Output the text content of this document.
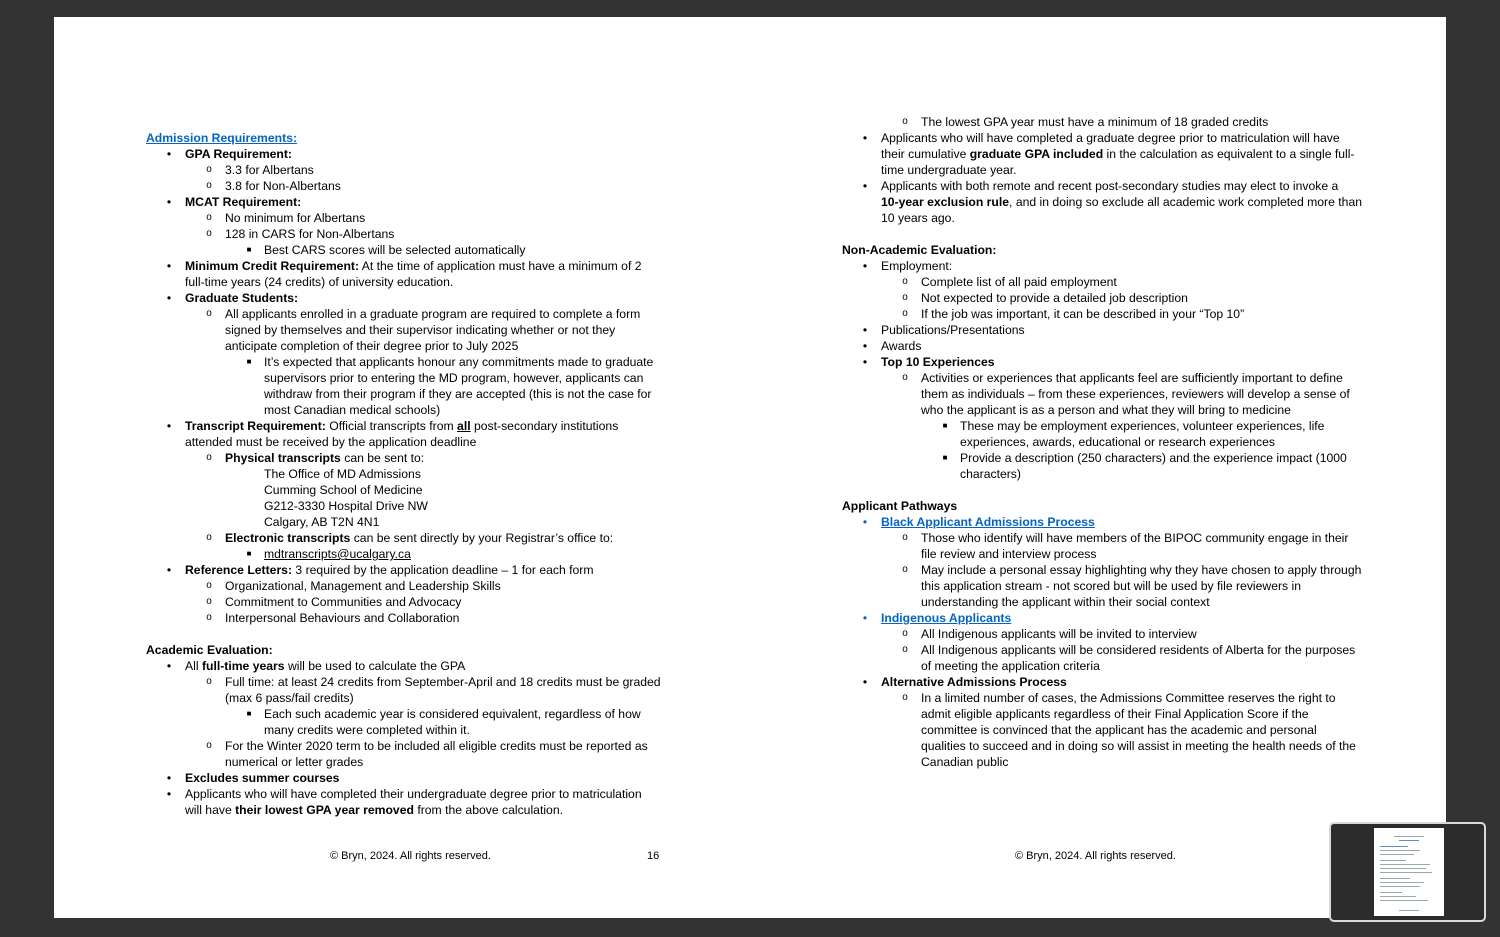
Admission Requirements:
•	GPA Requirement:
o	3.3 for Albertans
o	3.8 for Non-Albertans
•	MCAT Requirement:
o	No minimum for Albertans
o	128 in CARS for Non-Albertans
■	Best CARS scores will be selected automatically
•	Minimum Credit Requirement: At the time of application must have a minimum of 2
full-time years (24 credits) of university education.
•	Graduate Students:
o	All applicants enrolled in a graduate program are required to complete a form
signed by themselves and their supervisor indicating whether or not they
anticipate completion of their degree prior to July 2025
■	It’s expected that applicants honour any commitments made to graduate
supervisors prior to entering the MD program, however, applicants can
withdraw from their program if they are accepted (this is not the case for
most Canadian medical schools)
•	Transcript Requirement: Official transcripts from all post-secondary institutions
attended must be received by the application deadline
o	Physical transcripts can be sent to:
The Office of MD Admissions
Cumming School of Medicine
G212-3330 Hospital Drive NW
Calgary, AB T2N 4N1
o	Electronic transcripts can be sent directly by your Registrar’s office to:
■	mdtranscripts@ucalgary.ca
•	Reference Letters: 3 required by the application deadline – 1 for each form
o	Organizational, Management and Leadership Skills
o	Commitment to Communities and Advocacy
o	Interpersonal Behaviours and Collaboration
Academic Evaluation:
•	All full-time years will be used to calculate the GPA
o	Full time: at least 24 credits from September-April and 18 credits must be graded
(max 6 pass/fail credits)
■	Each such academic year is considered equivalent, regardless of how
many credits were completed within it.
o	For the Winter 2020 term to be included all eligible credits must be reported as
numerical or letter grades
•	Excludes summer courses
•	Applicants who will have completed their undergraduate degree prior to matriculation
will have their lowest GPA year removed from the above calculation.
o	The lowest GPA year must have a minimum of 18 graded credits
•	Applicants who will have completed a graduate degree prior to matriculation will have
their cumulative graduate GPA included in the calculation as equivalent to a single full-
time undergraduate year.
•	Applicants with both remote and recent post-secondary studies may elect to invoke a
10-year exclusion rule, and in doing so exclude all academic work completed more than
10 years ago.
Non-Academic Evaluation:
•	Employment:
o	Complete list of all paid employment
o	Not expected to provide a detailed job description
o	If the job was important, it can be described in your “Top 10”
•	Publications/Presentations
•	Awards
•	Top 10 Experiences
o	Activities or experiences that applicants feel are sufficiently important to define
them as individuals – from these experiences, reviewers will develop a sense of
who the applicant is as a person and what they will bring to medicine
■	These may be employment experiences, volunteer experiences, life
experiences, awards, educational or research experiences
■	Provide a description (250 characters) and the experience impact (1000
characters)
Applicant Pathways
•	Black Applicant Admissions Process
o	Those who identify will have members of the BIPOC community engage in their
file review and interview process
o	May include a personal essay highlighting why they have chosen to apply through
this application stream - not scored but will be used by file reviewers in
understanding the applicant within their social context
•	Indigenous Applicants
o	All Indigenous applicants will be invited to interview
o	All Indigenous applicants will be considered residents of Alberta for the purposes
of meeting the application criteria
•	Alternative Admissions Process
o	In a limited number of cases, the Admissions Committee reserves the right to
admit eligible applicants regardless of their Final Application Score if the
committee is convinced that the applicant has the academic and personal
qualities to succeed and in doing so will assist in meeting the health needs of the
Canadian public
© Bryn, 2024. All rights reserved.	16	© Bryn, 2024. All rights reserved.
